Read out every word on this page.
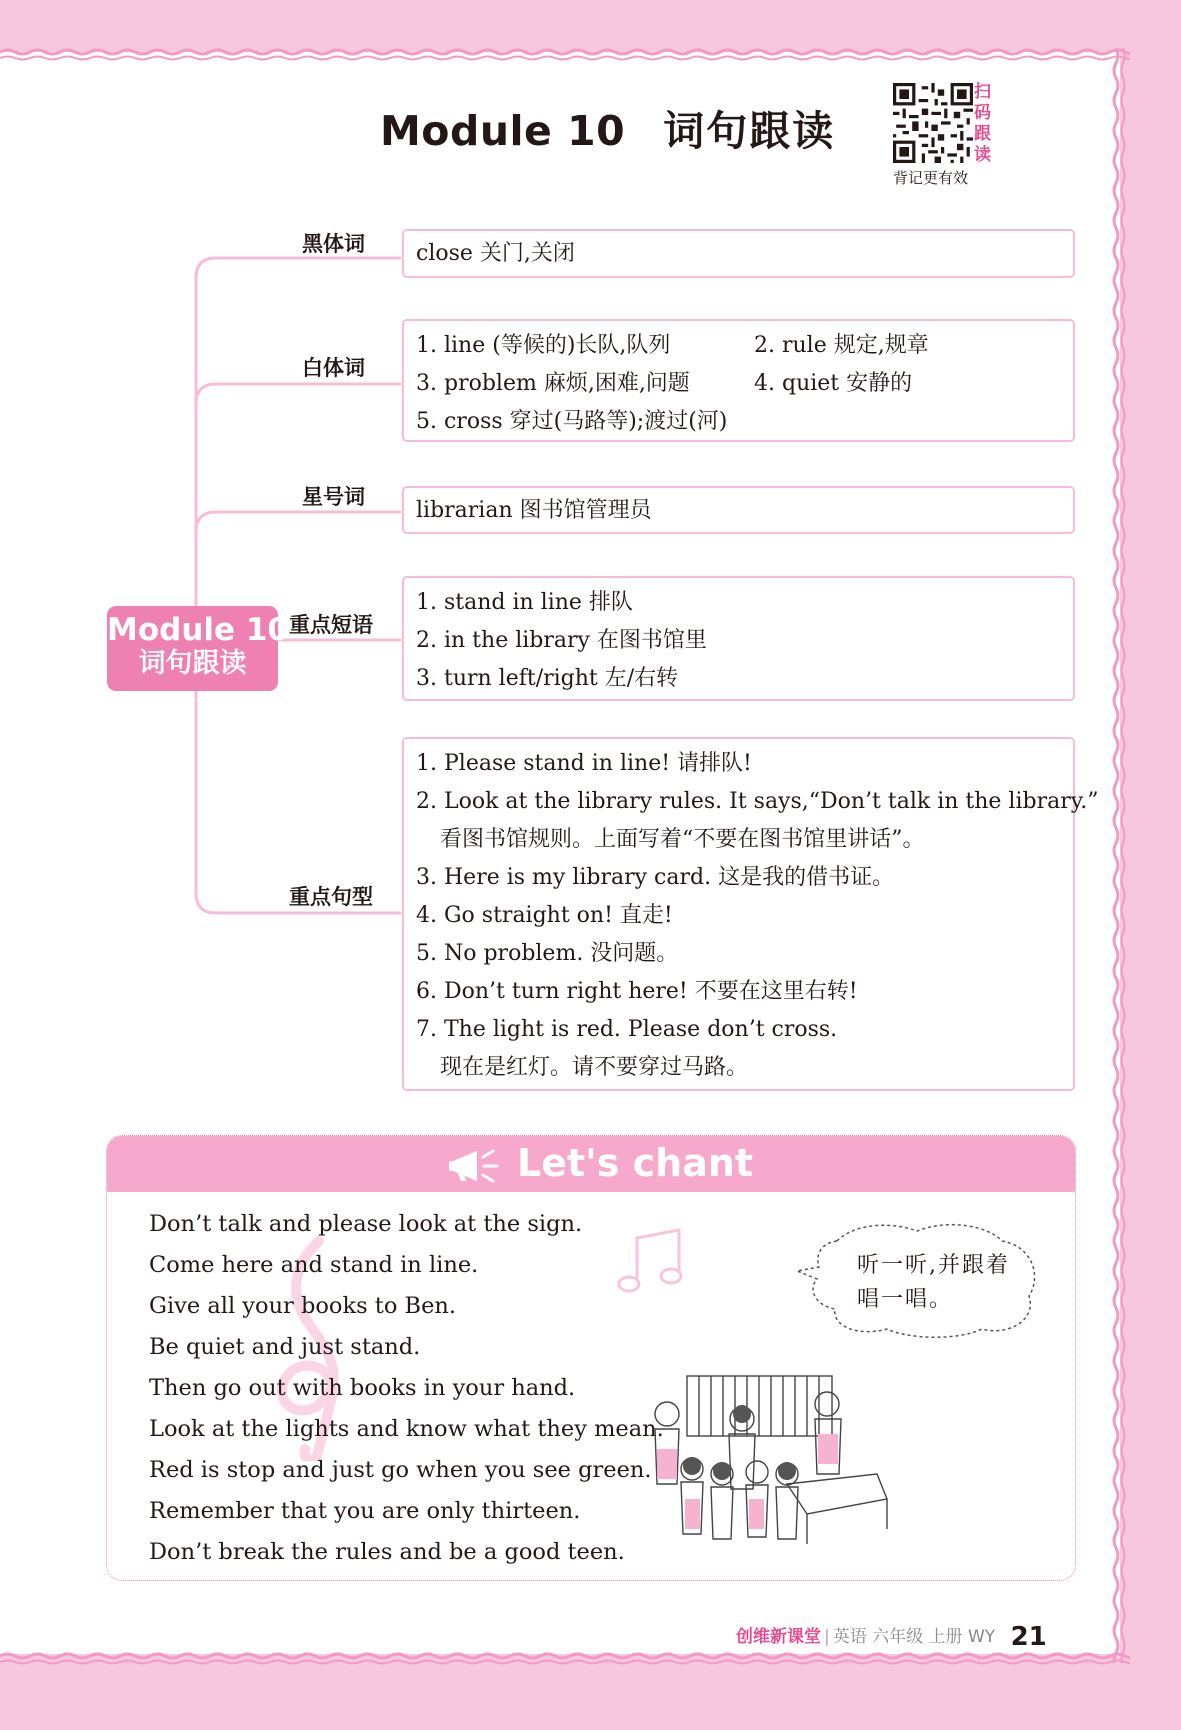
Module 10 词句跟读
扫
码
跟
读
背记更有效
Module 10
词句跟读
黑体词 close 关门,关闭
白体词
1. line (等候的)长队,队列	2. rule 规定,规章
3. problem 麻烦,困难,问题	4. quiet 安静的
5. cross 穿过(马路等);渡过(河)
星号词
librarian 图书馆管理员
重点短语
1. stand in line 排队
2. in the library 在图书馆里
3. turn left/right 左/右转
重点句型
1. Please stand in line! 请排队!
2. Look at the library rules. It says,“Don’t talk in the library.”
看图书馆规则。上面写着“不要在图书馆里讲话”。
3. Here is my library card. 这是我的借书证。
4. Go straight on! 直走!
5. No problem. 没问题。
6. Don’t turn right here! 不要在这里右转!
7. The light is red. Please don’t cross.
现在是红灯。请不要穿过马路。
Let's chant
Don’t talk and please look at the sign.
Come here and stand in line.
Give all your books to Ben.
Be quiet and just stand.
Then go out with books in your hand.
Look at the lights and know what they mean.
Red is stop and just go when you see green.
Remember that you are only thirteen.
Don’t break the rules and be a good teen.
听一听,并跟着
唱一唱。
创维新课堂 | 英语 六年级 上册 WY 21
